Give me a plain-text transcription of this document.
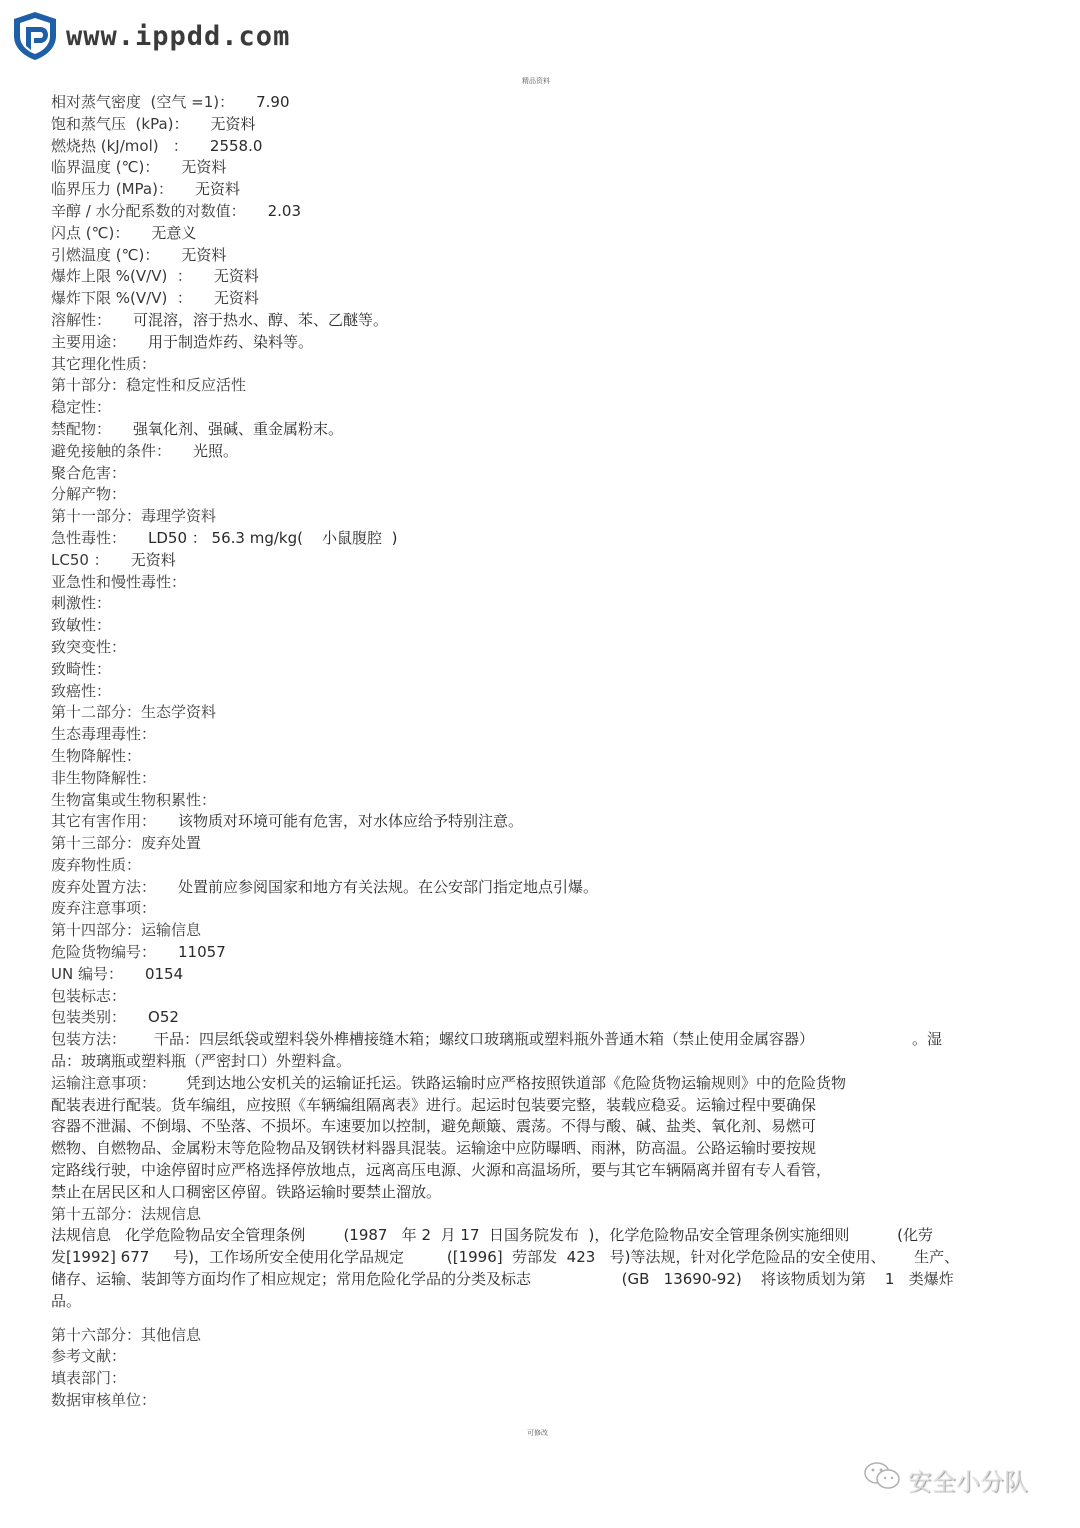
www.ippdd.com
精品资料
相对蒸气密度  (空气 =1)： 7.90
饱和蒸气压  (kPa)： 无资料
燃烧热 (kJ/mol)   ： 2558.0
临界温度 (℃)： 无资料
临界压力 (MPa)： 无资料
辛醇 / 水分配系数的对数值： 2.03
闪点 (℃)： 无意义
引燃温度 (℃)： 无资料
爆炸上限 %(V/V)  ： 无资料
爆炸下限 %(V/V)  ： 无资料
溶解性： 可混溶，溶于热水、醇、苯、乙醚等。
主要用途： 用于制造炸药、染料等。
其它理化性质：
第十部分：稳定性和反应活性
稳定性：
禁配物： 强氧化剂、强碱、重金属粉末。
避免接触的条件： 光照。
聚合危害：
分解产物：
第十一部分：毒理学资料
急性毒性： LD50 ： 56.3 mg/kg(    小鼠腹腔  )
LC50 ： 无资料
亚急性和慢性毒性：
刺激性：
致敏性：
致突变性：
致畸性：
致癌性：
第十二部分：生态学资料
生态毒理毒性：
生物降解性：
非生物降解性：
生物富集或生物积累性：
其它有害作用： 该物质对环境可能有危害，对水体应给予特别注意。
第十三部分：废弃处置
废弃物性质：
废弃处置方法： 处置前应参阅国家和地方有关法规。在公安部门指定地点引爆。
废弃注意事项：
第十四部分：运输信息
危险货物编号： 11057
UN 编号： 0154
包装标志：
包装类别： O52
包装方法： 干品：四层纸袋或塑料袋外榫槽接缝木箱；螺纹口玻璃瓶或塑料瓶外普通木箱（禁止使用金属容器）	。湿
品：玻璃瓶或塑料瓶（严密封口）外塑料盒。
运输注意事项： 凭到达地公安机关的运输证托运。铁路运输时应严格按照铁道部《危险货物运输规则》中的危险货物
配装表进行配装。货车编组，应按照《车辆编组隔离表》进行。起运时包装要完整，装载应稳妥。运输过程中要确保
容器不泄漏、不倒塌、不坠落、不损坏。车速要加以控制，避免颠簸、震荡。不得与酸、碱、盐类、氧化剂、易燃可
燃物、自燃物品、金属粉末等危险物品及钢铁材料器具混装。运输途中应防曝晒、雨淋，防高温。公路运输时要按规
定路线行驶，中途停留时应严格选择停放地点，远离高压电源、火源和高温场所，要与其它车辆隔离并留有专人看管，
禁止在居民区和人口稠密区停留。铁路运输时要禁止溜放。
第十五部分：法规信息
法规信息   化学危险物品安全管理条例        (1987   年 2  月 17  日国务院发布  )，化学危险物品安全管理条例实施细则          (化劳
发[1992] 677     号)，工作场所安全使用化学品规定         ([1996]  劳部发  423   号)等法规，针对化学危险品的安全使用、      生产、
储存、运输、装卸等方面均作了相应规定；常用危险化学品的分类及标志                   (GB   13690-92)    将该物质划为第    1   类爆炸
品。
第十六部分：其他信息
参考文献：
填表部门：
数据审核单位：
可修改
安全小分队
